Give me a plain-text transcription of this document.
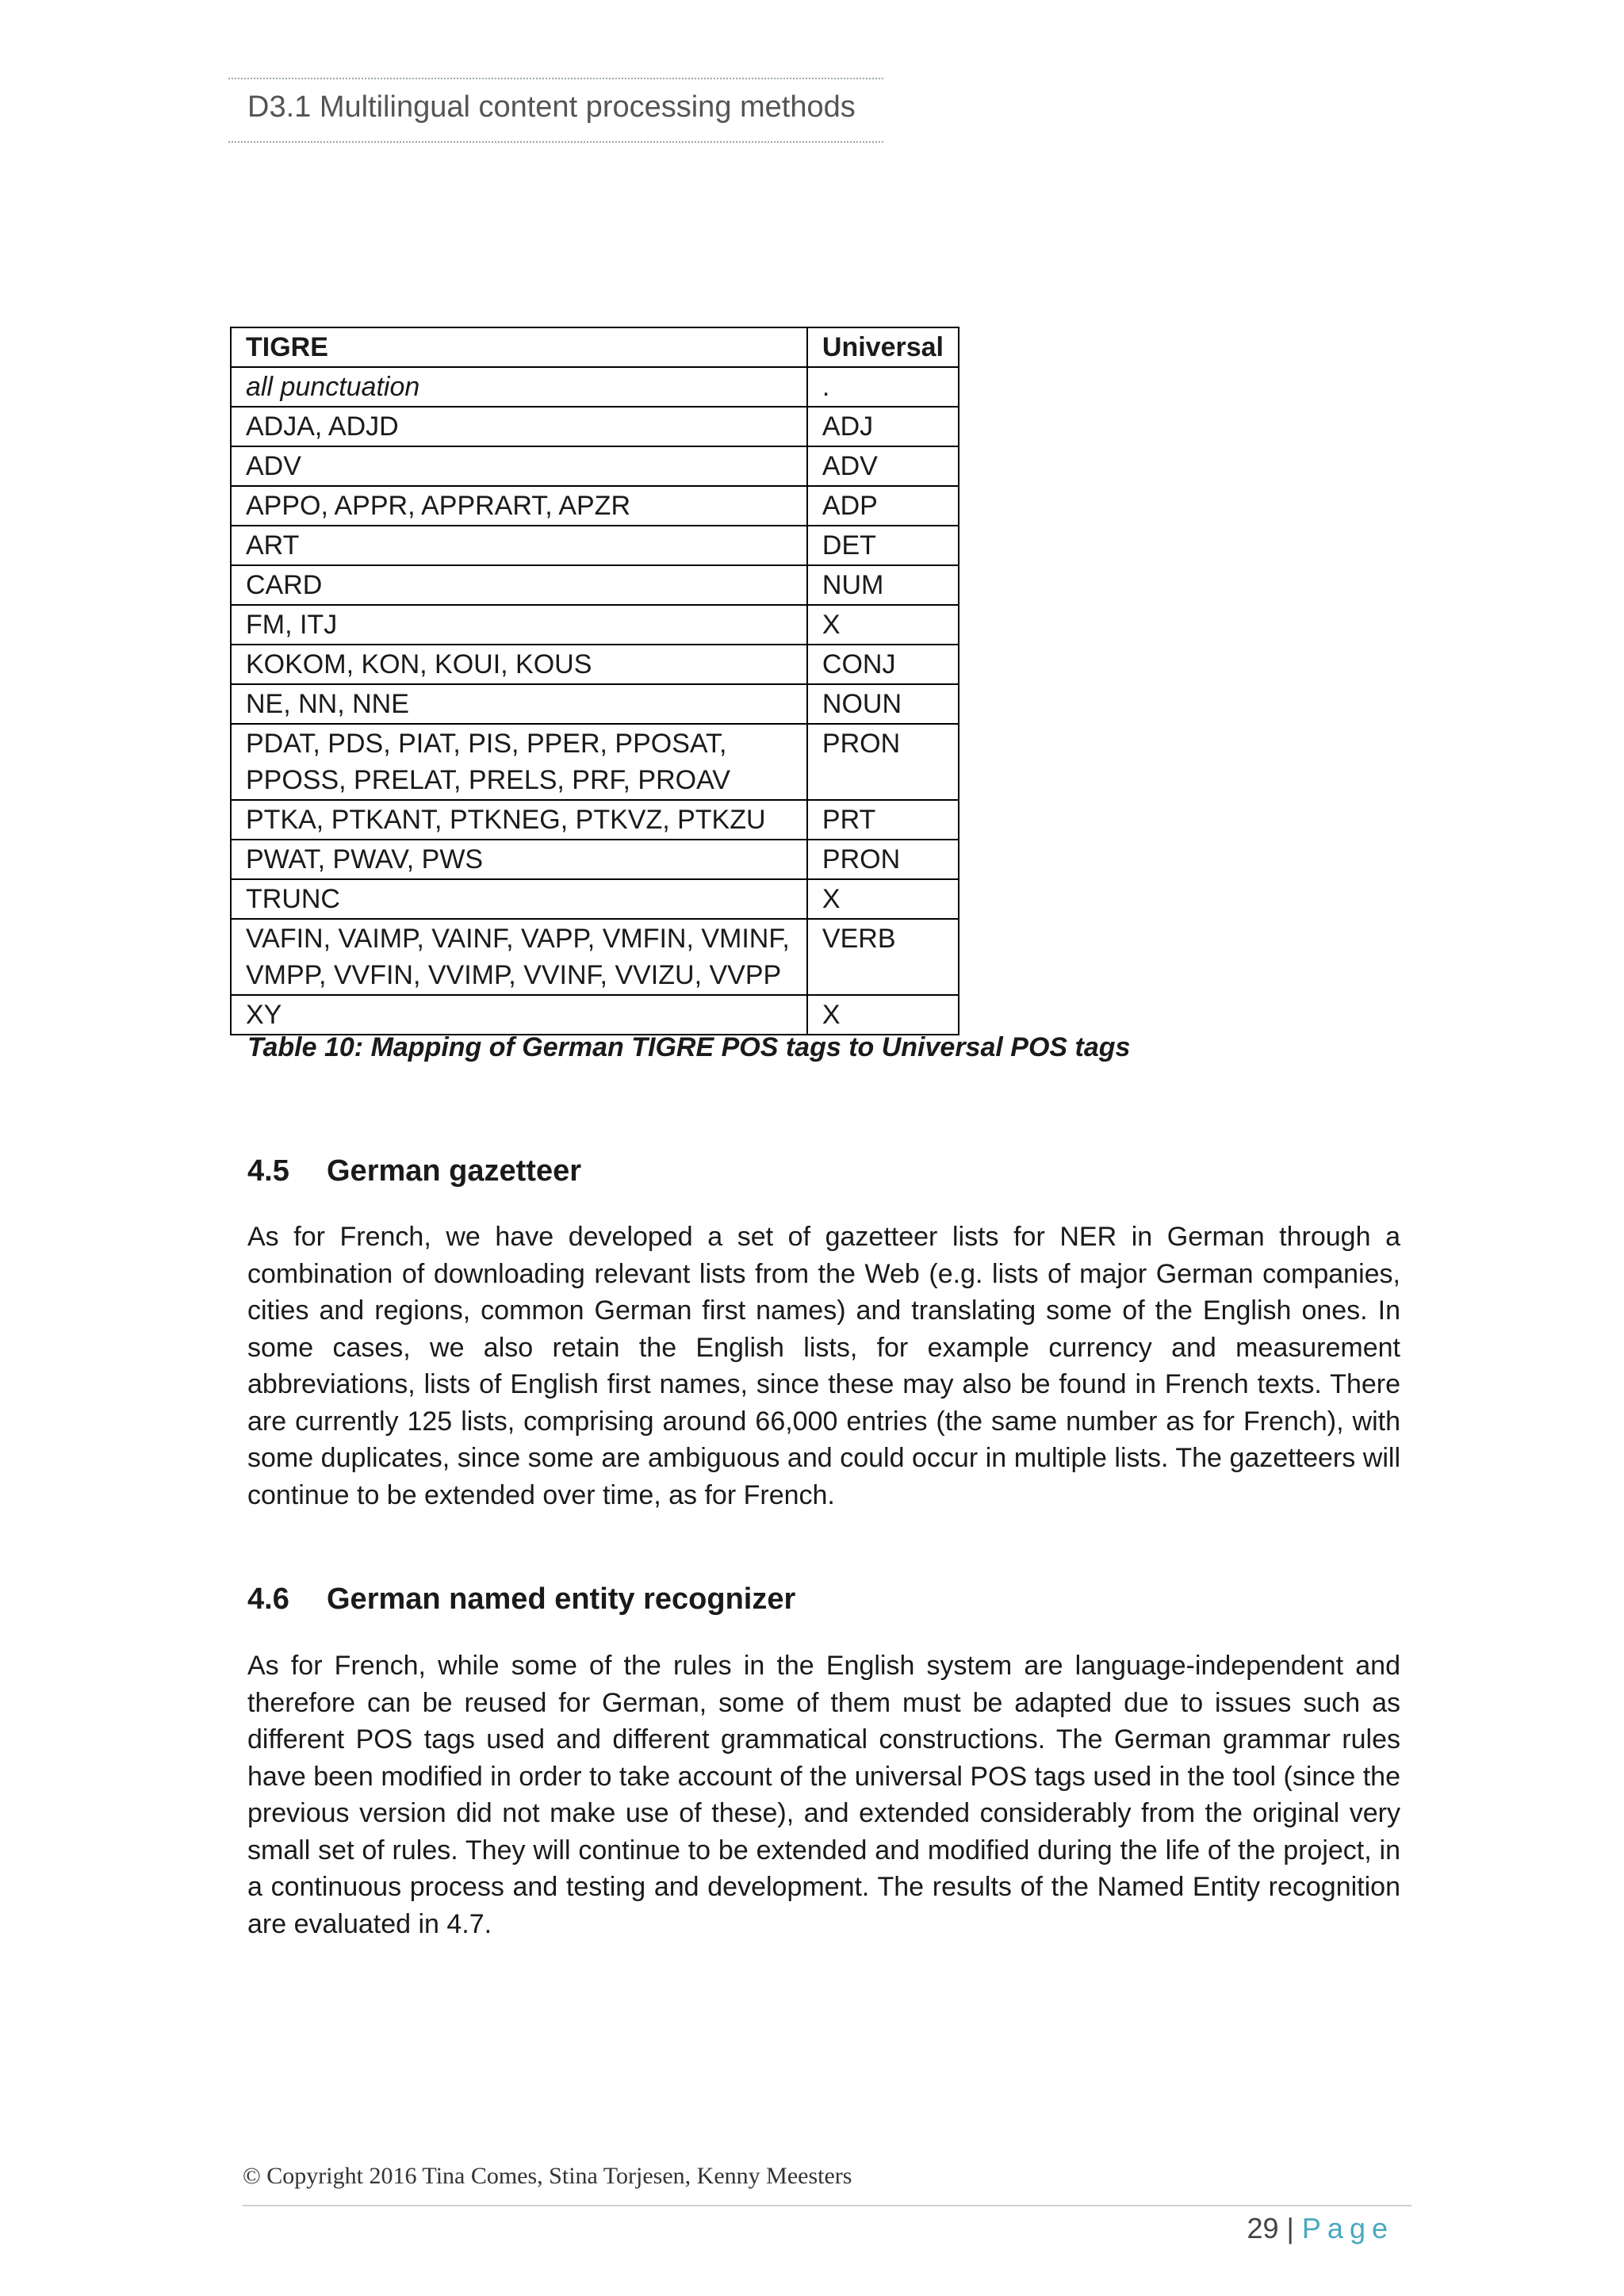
D3.1 Multilingual content processing methods
TIGRE	Universal
all punctuation	.
ADJA, ADJD	ADJ
ADV	ADV
APPO, APPR, APPRART, APZR	ADP
ART	DET
CARD	NUM
FM, ITJ	X
KOKOM, KON, KOUI, KOUS	CONJ
NE, NN, NNE	NOUN

PDAT, PDS, PIAT, PIS, PPER, PPOSAT,
PPOSS, PRELAT, PRELS, PRF, PROAV	PRON
PTKA, PTKANT, PTKNEG, PTKVZ, PTKZU	PRT
PWAT, PWAV, PWS	PRON
TRUNC	X

VAFIN, VAIMP, VAINF, VAPP, VMFIN, VMINF,
VMPP, VVFIN, VVIMP, VVINF, VVIZU, VVPP	VERB
XY	X
Table 10: Mapping of German TIGRE POS tags to Universal POS tags
4.5 German gazetteer

As for French, we have developed a set of gazetteer lists for NER in German through a combination of downloading relevant lists from the Web (e.g. lists of major German companies, cities and regions, common German first names) and translating some of the English ones. In some cases, we also retain the English lists, for example currency and measurement abbreviations, lists of English first names, since these may also be found in French texts. There are currently 125 lists, comprising around 66,000 entries (the same number as for French), with some duplicates, since some are ambiguous and could occur in multiple lists. The gazetteers will continue to be extended over time, as for French.

4.6 German named entity recognizer

As for French, while some of the rules in the English system are language-independent and therefore can be reused for German, some of them must be adapted due to issues such as different POS tags used and different grammatical constructions. The German grammar rules have been modified in order to take account of the universal POS tags used in the tool (since the previous version did not make use of these), and extended considerably from the original very small set of rules. They will continue to be extended and modified during the life of the project, in a continuous process and testing and development. The results of the Named Entity recognition are evaluated in 4.7.

© Copyright 2016 Tina Comes, Stina Torjesen, Kenny Meesters
29 | Page
